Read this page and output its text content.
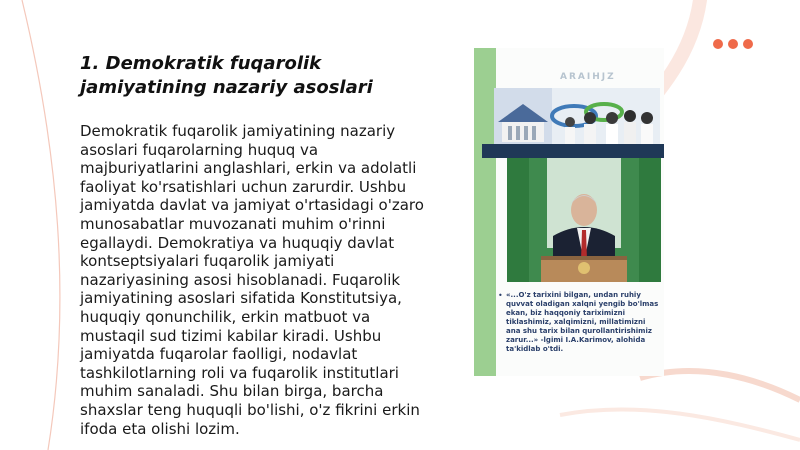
1. Demokratik fuqarolik jamiyatining nazariy asoslari

Demokratik fuqarolik jamiyatining nazariy asoslari fuqarolarning huquq va majburiyatlarini anglashlari, erkin va adolatli faoliyat ko'rsatishlari uchun zarurdir. Ushbu jamiyatda davlat va jamiyat o'rtasidagi o'zaro munosabatlar muvozanati muhim o'rinni egallaydi. Demokratiya va huquqiy davlat kontseptsiyalari fuqarolik jamiyati nazariyasining asosi hisoblanadi. Fuqarolik jamiyatining asoslari sifatida Konstitutsiya, huquqiy qonunchilik, erkin matbuot va mustaqil sud tizimi kabilar kiradi. Ushbu jamiyatda fuqarolar faolligi, nodavlat tashkilotlarning roli va fuqarolik institutlari muhim sanaladi. Shu bilan birga, barcha shaxslar teng huquqli bo'lishi, o'z fikrini erkin ifoda eta olishi lozim.

ARAIHJZ
• «...O'z tarixini bilgan, undan ruhiy quvvat oladigan xalqni yengib bo'lmas ekan, biz haqqoniy tariximizni tiklashimiz, xalqimizni, millatimizni ana shu tarix bilan qurollantirishimiz zarur...» -lgimi I.A.Karimov, alohida ta'kidlab o'tdi.
